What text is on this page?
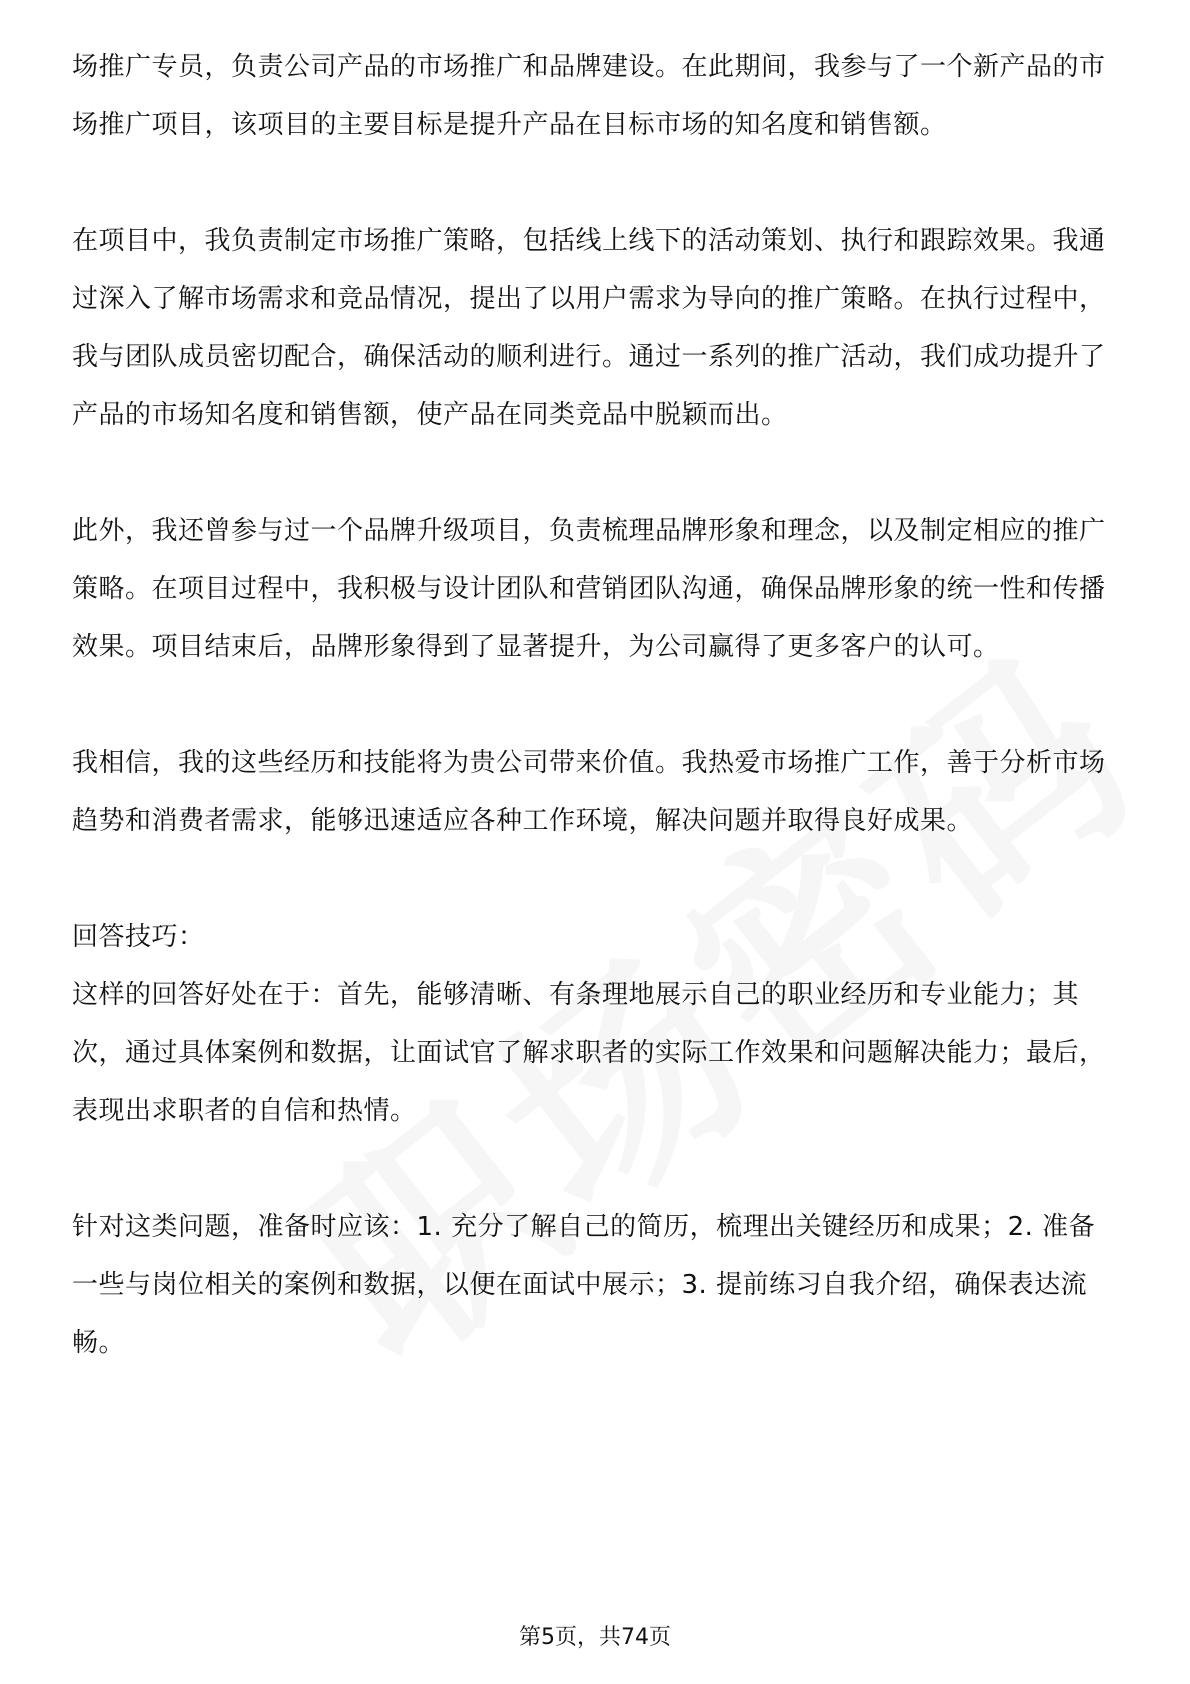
场推广专员，负责公司产品的市场推广和品牌建设。在此期间，我参与了一个新产品的市场推广项目，该项目的主要目标是提升产品在目标市场的知名度和销售额。

在项目中，我负责制定市场推广策略，包括线上线下的活动策划、执行和跟踪效果。我通过深入了解市场需求和竞品情况，提出了以用户需求为导向的推广策略。在执行过程中，我与团队成员密切配合，确保活动的顺利进行。通过一系列的推广活动，我们成功提升了产品的市场知名度和销售额，使产品在同类竞品中脱颖而出。

此外，我还曾参与过一个品牌升级项目，负责梳理品牌形象和理念，以及制定相应的推广策略。在项目过程中，我积极与设计团队和营销团队沟通，确保品牌形象的统一性和传播效果。项目结束后，品牌形象得到了显著提升，为公司赢得了更多客户的认可。

我相信，我的这些经历和技能将为贵公司带来价值。我热爱市场推广工作，善于分析市场趋势和消费者需求，能够迅速适应各种工作环境，解决问题并取得良好成果。

回答技巧：

这样的回答好处在于：首先，能够清晰、有条理地展示自己的职业经历和专业能力；其次，通过具体案例和数据，让面试官了解求职者的实际工作效果和问题解决能力；最后，表现出求职者的自信和热情。

针对这类问题，准备时应该：1. 充分了解自己的简历，梳理出关键经历和成果；2. 准备一些与岗位相关的案例和数据，以便在面试中展示；3. 提前练习自我介绍，确保表达流畅。

第5页，共74页
